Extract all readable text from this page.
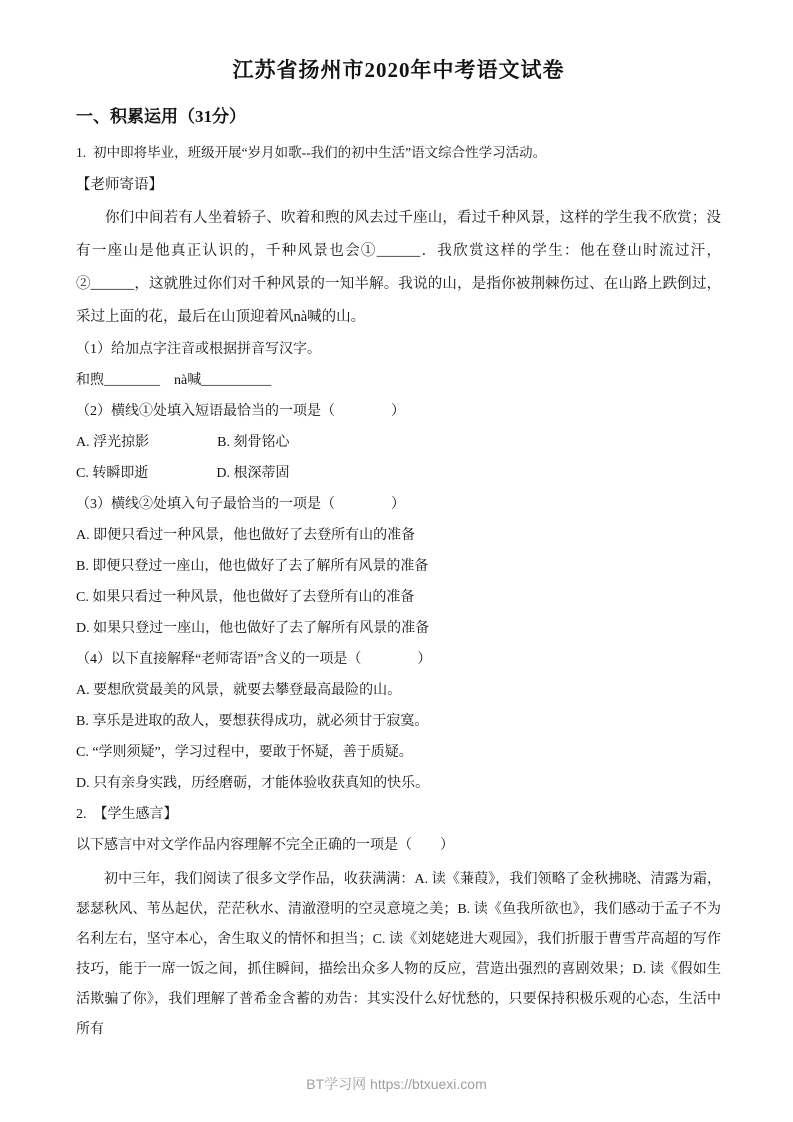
江苏省扬州市2020年中考语文试卷
一、积累运用（31分）
1. 初中即将毕业，班级开展“岁月如歌--我们的初中生活”语文综合性学习活动。
【老师寄语】
你们中间若有人坐着轿子、吹着和煦的风去过千座山，看过千种风景，这样的学生我不欣赏；没有一座山是他真正认识的，千种风景也会①______．我欣赏这样的学生：他在登山时流过汗，②______，这就胜过你们对千种风景的一知半解。我说的山，是指你被荆棘伤过、在山路上跌倒过，采过上面的花，最后在山顶迎着风nà喊的山。
（1）给加点字注音或根据拼音写汉字。
和煦________ nà喊__________
（2）横线①处填入短语最恰当的一项是（　　　　）
A. 浮光掠影	B. 刻骨铭心
C. 转瞬即逝	D. 根深蒂固
（3）横线②处填入句子最恰当的一项是（　　　　）
A. 即便只看过一种风景，他也做好了去登所有山的准备
B. 即便只登过一座山，他也做好了去了解所有风景的准备
C. 如果只看过一种风景，他也做好了去登所有山的准备
D. 如果只登过一座山，他也做好了去了解所有风景的准备
（4）以下直接解释“老师寄语”含义的一项是（　　　　）
A. 要想欣赏最美的风景，就要去攀登最高最险的山。
B. 享乐是进取的敌人，要想获得成功，就必须甘于寂寞。
C. “学则须疑”，学习过程中，要敢于怀疑，善于质疑。
D. 只有亲身实践，历经磨砺，才能体验收获真知的快乐。
2. 【学生感言】
以下感言中对文学作品内容理解不完全正确的一项是（　　）
初中三年，我们阅读了很多文学作品，收获满满：A. 读《蒹葭》，我们领略了金秋拂晓、清露为霜，瑟瑟秋风、苇丛起伏，茫茫秋水、清澈澄明的空灵意境之美；B. 读《鱼我所欲也》，我们感动于孟子不为名利左右，坚守本心，舍生取义的情怀和担当；C. 读《刘姥姥进大观园》，我们折服于曹雪芹高超的写作技巧，能于一席一饭之间，抓住瞬间，描绘出众多人物的反应，营造出强烈的喜剧效果；D. 读《假如生活欺骗了你》，我们理解了普希金含蓄的劝告：其实没什么好忧愁的，只要保持积极乐观的心态，生活中所有
BT学习网 https://btxuexi.com
